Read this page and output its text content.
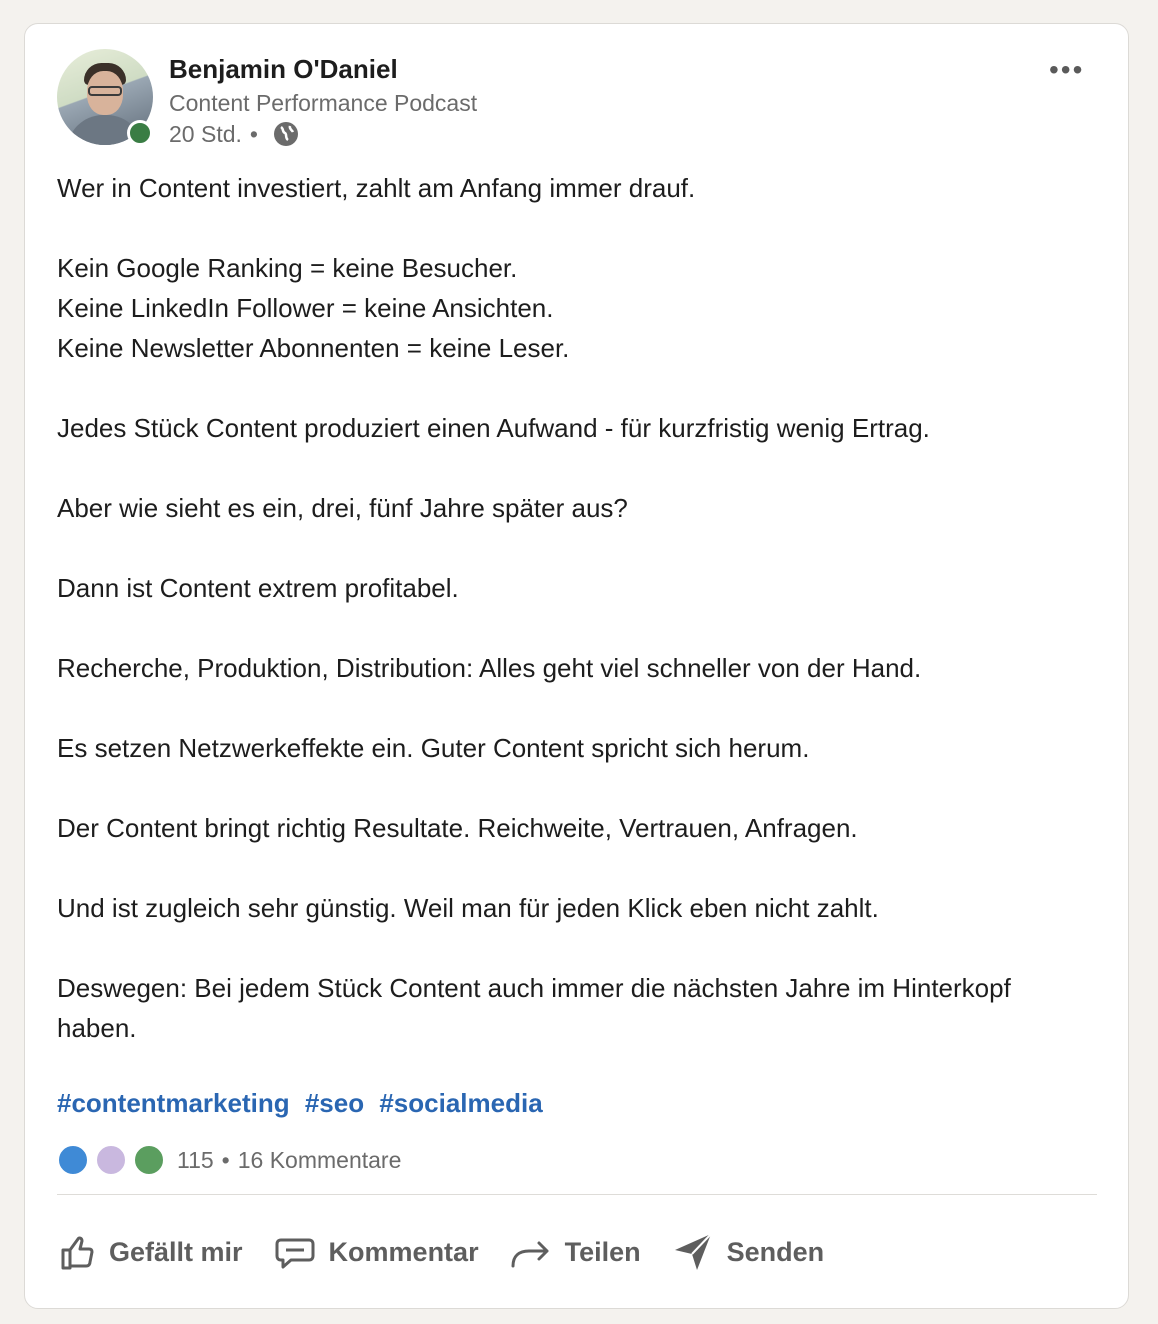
Benjamin O'Daniel
Content Performance Podcast
20 Std. •
•••

Wer in Content investiert, zahlt am Anfang immer drauf.

Kein Google Ranking = keine Besucher.
Keine LinkedIn Follower = keine Ansichten.
Keine Newsletter Abonnenten = keine Leser.

Jedes Stück Content produziert einen Aufwand - für kurzfristig wenig Ertrag.

Aber wie sieht es ein, drei, fünf Jahre später aus?

Dann ist Content extrem profitabel.

Recherche, Produktion, Distribution: Alles geht viel schneller von der Hand.

Es setzen Netzwerkeffekte ein. Guter Content spricht sich herum.

Der Content bringt richtig Resultate. Reichweite, Vertrauen, Anfragen.

Und ist zugleich sehr günstig. Weil man für jeden Klick eben nicht zahlt.

Deswegen: Bei jedem Stück Content auch immer die nächsten Jahre im Hinterkopf haben.

#contentmarketing #seo #socialmedia
115 • 16 Kommentare
Gefällt mir	Kommentar	Teilen	Senden
